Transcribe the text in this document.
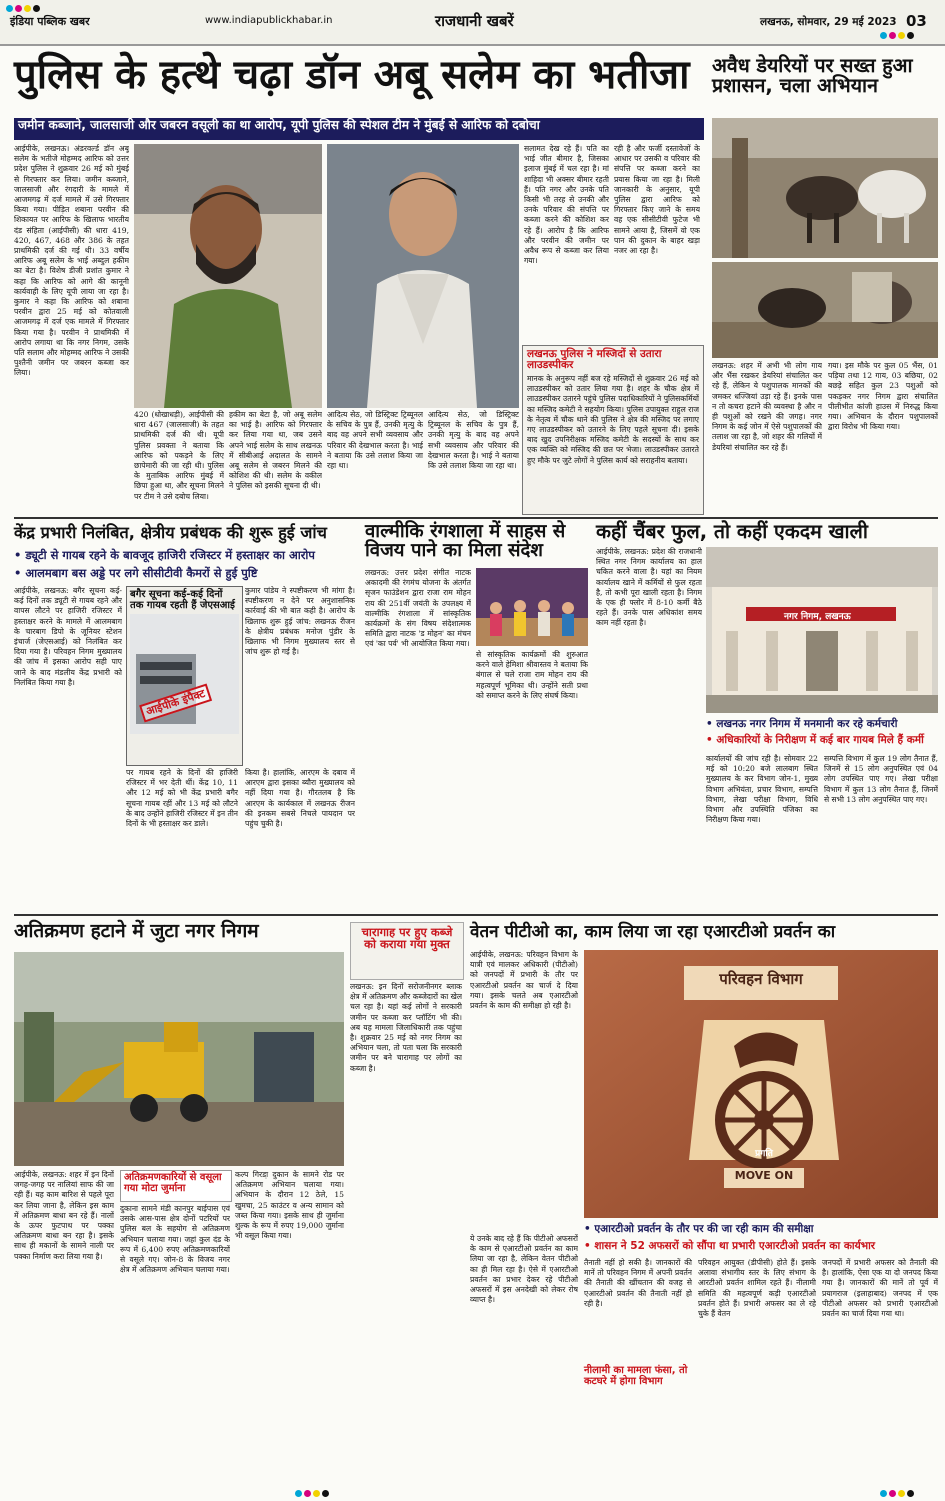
इंडिया पब्लिक खबर	www.indiapublickhabar.in	राजधानी खबरें	लखनऊ, सोमवार, 29 मई 2023 03
पुलिस के हत्थे चढ़ा डॉन अबू सलेम का भतीजा
जमीन कब्जाने, जालसाजी और जबरन वसूली का था आरोप, यूपी पुलिस की स्पेशल टीम ने मुंबई से आरिफ को दबोचा
आईपीके, लखनऊ। अंडरवर्ल्ड डॉन अबू सलेम के भतीजे मोहम्मद आरिफ को उत्तर प्रदेश पुलिस ने शुक्रवार 26 मई को मुंबई से गिरफ्तार कर लिया। जमीन कब्जाने, जालसाजी और रंगदारी के मामले में आजमगढ़ में दर्ज मामले में उसे गिरफ्तार किया गया। पीड़ित शबाना परवीन की शिकायत पर आरिफ के खिलाफ भारतीय दंड संहिता (आईपीसी) की धारा 419, 420, 467, 468 और 386 के तहत प्राथमिकी दर्ज की गई थी। 33 वर्षीय आरिफ अबू सलेम के भाई अब्दुल हकीम का बेटा है। विशेष डीजी प्रशांत कुमार ने कहा कि आरिफ को आगे की कानूनी कार्यवाही के लिए यूपी लाया जा रहा है। कुमार ने कहा कि आरिफ को शबाना परवीन द्वारा 25 मई को कोतवाली आजमगढ़ में दर्ज एक मामले में गिरफ्तार किया गया है। परवीन ने प्राथमिकी में आरोप लगाया था कि नगर निगम, उसके पति सलाम और मोहम्मद आरिफ ने उसकी पुश्तैनी जमीन पर जबरन कब्जा कर लिया।
420 (धोखाधड़ी), आईपीसी की धारा 467 (जालसाजी) के तहत प्राथमिकी दर्ज की थी। यूपी पुलिस प्रवक्ता ने बताया कि आरिफ को पकड़ने के लिए छापेमारी की जा रही थी। पुलिस के मुताबिक आरिफ मुंबई में छिपा हुआ था, और सूचना मिलने पर टीम ने उसे दबोच लिया।
हकीम का बेटा है, जो अबू सलेम का भाई है। आरिफ को गिरफ्तार कर लिया गया था, जब उसने अपने भाई सलेम के साथ लखनऊ में सीबीआई अदालत के सामने अबू सलेम से जबरन मिलने की कोशिश की थी। सलेम के वकील ने पुलिस को इसकी सूचना दी थी।
आदित्य सेठ, जो डिस्ट्रिक्ट ट्रिब्यूनल के सचिव के पुत्र हैं, उनकी मृत्यु के बाद वह अपने सभी व्यवसाय और परिवार की देखभाल करता है। भाई ने बताया कि उसे तलाश किया जा रहा था।
आदित्य सेठ, जो डिस्ट्रिक्ट ट्रिब्यूनल के सचिव के पुत्र हैं, उनकी मृत्यु के बाद वह अपने सभी व्यवसाय और परिवार की देखभाल करता है। भाई ने बताया कि उसे तलाश किया जा रहा था।
सलामत देख रहे हैं। पति का भाई जीत बीमार है, जिसका इलाज मुंबई में चल रहा है। मां शाहिदा भी अक्सर बीमार रहती हैं। पति नगर और उनके पति किसी भी तरह से उनकी और उनके परिवार की संपत्ति पर कब्जा करने की कोशिश कर रहे हैं। आरोप है कि आरिफ और परवीन की जमीन पर अवैध रूप से कब्जा कर लिया गया।
रही है और फर्जी दस्तावेजों के आधार पर उसकी व परिवार की संपत्ति पर कब्जा करने का प्रयास किया जा रहा है। मिली जानकारी के अनुसार, यूपी पुलिस द्वारा आरिफ को गिरफ्तार किए जाने के समय वह एक सीसीटीवी फुटेज भी सामने आया है, जिसमें वो एक पान की दुकान के बाहर खड़ा नजर आ रहा है।
लखनऊ पुलिस ने मस्जिदों से उतारा लाउडस्पीकर
मानक के अनुरूप नहीं बज रहे मस्जिदों से शुक्रवार 26 मई को लाउडस्पीकर को उतार लिया गया है। शहर के चौक क्षेत्र में लाउडस्पीकर उतारने पहुंचे पुलिस पदाधिकारियों ने पुलिसकर्मियों का मस्जिद कमेटी ने सहयोग किया। पुलिस उपायुक्त राहुल राज के नेतृत्व में चौक थाने की पुलिस ने क्षेत्र की मस्जिद पर लगाए गए लाउडस्पीकर को उतारने के लिए पहले सूचना दी। इसके बाद खुद उपनिरीक्षक मस्जिद कमेटी के सदस्यों के साथ कर एक व्यक्ति को मस्जिद की छत पर भेजा। लाउडस्पीकर उतारते हुए मौके पर जुटे लोगों ने पुलिस कार्य को सराहनीय बताया।
अवैध डेयरियों पर सख्त हुआ प्रशासन, चला अभियान
लखनऊ: शहर में अभी भी लोग गाय और भैंस रखकर डेयरियां संचालित कर रहे हैं, लेकिन ये पशुपालक मानकों की जमकर धज्जियां उड़ा रहे हैं। इनके पास न तो कचरा हटाने की व्यवस्था है और न ही पशुओं को रखने की जगह। नगर निगम के कई जोन में ऐसे पशुपालकों की तलाश जा रहा है, जो शहर की गलियों में डेयरियां संचालित कर रहे हैं।
गया। इस मौके पर कुल 05 भैंस, 01 पड़िया तथा 12 गाय, 03 बछिया, 02 बछड़े सहित कुल 23 पशुओं को पकड़कर नगर निगम द्वारा संचालित पीलीभीत कांजी हाउस में निरुद्ध किया गया। अभियान के दौरान पशुपालकों द्वारा विरोध भी किया गया।
केंद्र प्रभारी निलंबित, क्षेत्रीय प्रबंधक की शुरू हुई जांच
• ड्यूटी से गायब रहने के बावजूद हाजिरी रजिस्टर में हस्ताक्षर का आरोप
• आलमबाग बस अड्डे पर लगे सीसीटीवी कैमरों से हुई पुष्टि
आईपीके, लखनऊ: बगैर सूचना कई-कई दिनों तक ड्यूटी से गायब रहने और वापस लौटने पर हाजिरी रजिस्टर में हस्ताक्षर करने के मामले में आलमबाग के चारबाग डिपो के जूनियर स्टेशन इंचार्ज (जेएसआई) को निलंबित कर दिया गया है। परिवहन निगम मुख्यालय की जांच में इसका आरोप सही पाए जाने के बाद मंडलीय केंद्र प्रभारी को निलंबित किया गया है।
बगैर सूचना कई-कई दिनों तक गायब रहती हैं जेएसआई
आईपीके इंपैक्ट
कुमार पांडेय ने स्पष्टीकरण भी मांगा है। स्पष्टीकरण न देने पर अनुशासनिक कार्रवाई की भी बात कही है। आरोप के खिलाफ शुरू हुई जांच: लखनऊ रीजन के क्षेत्रीय प्रबंधक मनोज पुंडीर के खिलाफ भी निगम मुख्यालय स्तर से जांच शुरू हो गई है।
पर गायब रहने के दिनों की हाजिरी रजिस्टर में भर देती थीं। केंद्र 10, 11 और 12 मई को भी केंद्र प्रभारी बगैर सूचना गायब रहीं और 13 मई को लौटने के बाद उन्होंने हाजिरी रजिस्टर में इन तीन दिनों के भी हस्ताक्षर कर डाले।
किया है। हालांकि, आरएम के दबाव में आरएम द्वारा इसका ब्यौरा मुख्यालय को नहीं दिया गया है। गौरतलब है कि आरएम के कार्यकाल में लखनऊ रीजन की इनकम सबसे निचले पायदान पर पहुंच चुकी है।
वाल्मीकि रंगशाला में साहस से विजय पाने का मिला संदेश
लखनऊ: उत्तर प्रदेश संगीत नाटक अकादमी की रंगमंच योजना के अंतर्गत सृजन फाउंडेशन द्वारा राजा राम मोहन राय की 251वीं जयंती के उपलक्ष्य में वाल्मीकि रंगशाला में सांस्कृतिक कार्यक्रमों के संग विषय संदेशात्मक समिति द्वारा नाटक 'ड मोहन' का मंचन एवं 'का पर्व' भी आयोजित किया गया।
से सांस्कृतिक कार्यक्रमों की शुरुआत करने वाले हेमिशा श्रीवास्तव ने बताया कि बंगाल से चले राजा राम मोहन राय की महत्वपूर्ण भूमिका थी। उन्होंने सती प्रथा को समाप्त करने के लिए संघर्ष किया।
कहीं चैंबर फुल, तो कहीं एकदम खाली
आईपीके, लखनऊ: प्रदेश की राजधानी स्थित नगर निगम कार्यालय का हाल चकित करने वाला है। यहां का नियम कार्यालय खाने में कर्मियों से फुल रहता है, तो कभी पूरा खाली रहता है। निगम के एक ही फ्लोर में 8-10 कर्मी बैठे रहते हैं। उनके पास अधिकांश समय काम नहीं रहता है।
नगर निगम, लखनऊ
• लखनऊ नगर निगम में मनमानी कर रहे कर्मचारी
• अधिकारियों के निरीक्षण में कई बार गायब मिले हैं कर्मी
कार्यालयों की जांच रही है। सोमवार 22 मई को 10:20 बजे लालबाग स्थित मुख्यालय के कर विभाग जोन-1, मुख्य विभाग अभियंता, प्रचार विभाग, सम्पत्ति विभाग, लेखा परीक्षा विभाग, विधि विभाग और उपस्थिति पंजिका का निरीक्षण किया गया।
सम्पत्ति विभाग में कुल 19 लोग तैनात हैं, जिनमें से 15 लोग अनुपस्थित एवं 04 लोग उपस्थित पाए गए। लेखा परीक्षा विभाग में कुल 13 लोग तैनात हैं, जिनमें से सभी 13 लोग अनुपस्थित पाए गए।
अतिक्रमण हटाने में जुटा नगर निगम
आईपीके, लखनऊ: शहर में इन दिनों जगह-जगह पर नालियां साफ की जा रही हैं। यह काम बारिश से पहले पूरा कर लिया जाना है, लेकिन इस काम में अतिक्रमण बाधा बन रहे हैं। नालों के ऊपर फुटपाथ पर पक्का अतिक्रमण बाधा बन रहा है। इसके साथ ही मकानों के सामने नाली पर पक्का निर्माण करा लिया गया है।
अतिक्रमणकारियों से वसूला गया मोटा जुर्माना
दुकाना सामने मंडी कानपुर बाईपास एवं उसके आस-पास क्षेत्र दोनों पटरियों पर पुलिस बल के सहयोग से अतिक्रमण अभियान चलाया गया। जहां कुल दंड के रूप में 6,400 रुपए अतिक्रमणकारियों से वसूले गए। जोन-8 के विजय नगर क्षेत्र में अतिक्रमण अभियान चलाया गया।
कल्प गिरडा़ दुकान के सामने रोड पर अतिक्रमण अभियान चलाया गया। अभियान के दौरान 12 ठेले, 15 खुमचा, 25 काउंटर व अन्य सामान को जब्त किया गया। इसके साथ ही जुर्माना शुल्क के रूप में रुपए 19,000 जुर्माना भी वसूल किया गया।
चारागाह पर हुए कब्जे को कराया गया मुक्त
लखनऊ: इन दिनों सरोजनीनगर ब्लाक क्षेत्र में अतिक्रमण और कब्जेदारों का खेल चल रहा है। यहां कई लोगों ने सरकारी जमीन पर कब्जा कर प्लॉटिंग भी की। अब यह मामला जिलाधिकारी तक पहुंचा है। शुक्रवार 25 मई को नगर निगम का अभियान चला, तो पता चला कि सरकारी जमीन पर बने चारागाह पर लोगों का कब्जा है।
वेतन पीटीओ का, काम लिया जा रहा एआरटीओ प्रवर्तन का
आईपीके, लखनऊ: परिवहन विभाग के यात्री एवं मालकर अधिकारी (पीटीओ) को जनपदों में प्रभारी के तौर पर एआरटीओ प्रवर्तन का चार्ज दे दिया गया। इसके चलते अब एआरटीओ प्रवर्तन के काम की समीक्षा हो रही है।
परिवहन विभाग
प्रगति
MOVE ON
• एआरटीओ प्रवर्तन के तौर पर की जा रही काम की समीक्षा
• शासन ने 52 अफसरों को सौंपा था प्रभारी एआरटीओ प्रवर्तन का कार्यभार
ये उनके बाद रहे हैं कि पीटीओ अफसरों के काम से एआरटीओ प्रवर्तन का काम लिया जा रहा है, लेकिन वेतन पीटीओ का ही मिल रहा है। ऐसे में एआरटीओ प्रवर्तन का प्रभार देकर रहे पीटीओ अफसरों में इस अनदेखी को लेकर रोष व्याप्त है।
तैनाती नहीं हो सकी है। जानकारों की मानें तो परिवहन निगम में अपनी प्रवर्तन की तैनाती की खींचतान की वजह से एआरटीओ प्रवर्तन की तैनाती नहीं हो रही है।
नीलामी का मामला फंसा, तो कटघरे में होगा विभाग
परिवहन आयुक्त (डीपीसी) होते हैं। इसके अलावा संभागीय स्तर के लिए संभाग के आरटीओ प्रवर्तन शामिल रहते हैं। नीलामी समिति की महत्वपूर्ण कड़ी एआरटीओ प्रवर्तन होते हैं। प्रभारी अफसर का ले रहे चुके हैं वेतन
जनपदों में प्रभारी अफसर को तैनाती की है। हालांकि, ऐसा एक या दो जनपद किया गया है। जानकारों की मानें तो पूर्व में प्रयागराज (इलाहाबाद) जनपद में एक पीटीओ अफसर को प्रभारी एआरटीओ प्रवर्तन का चार्ज दिया गया था।
